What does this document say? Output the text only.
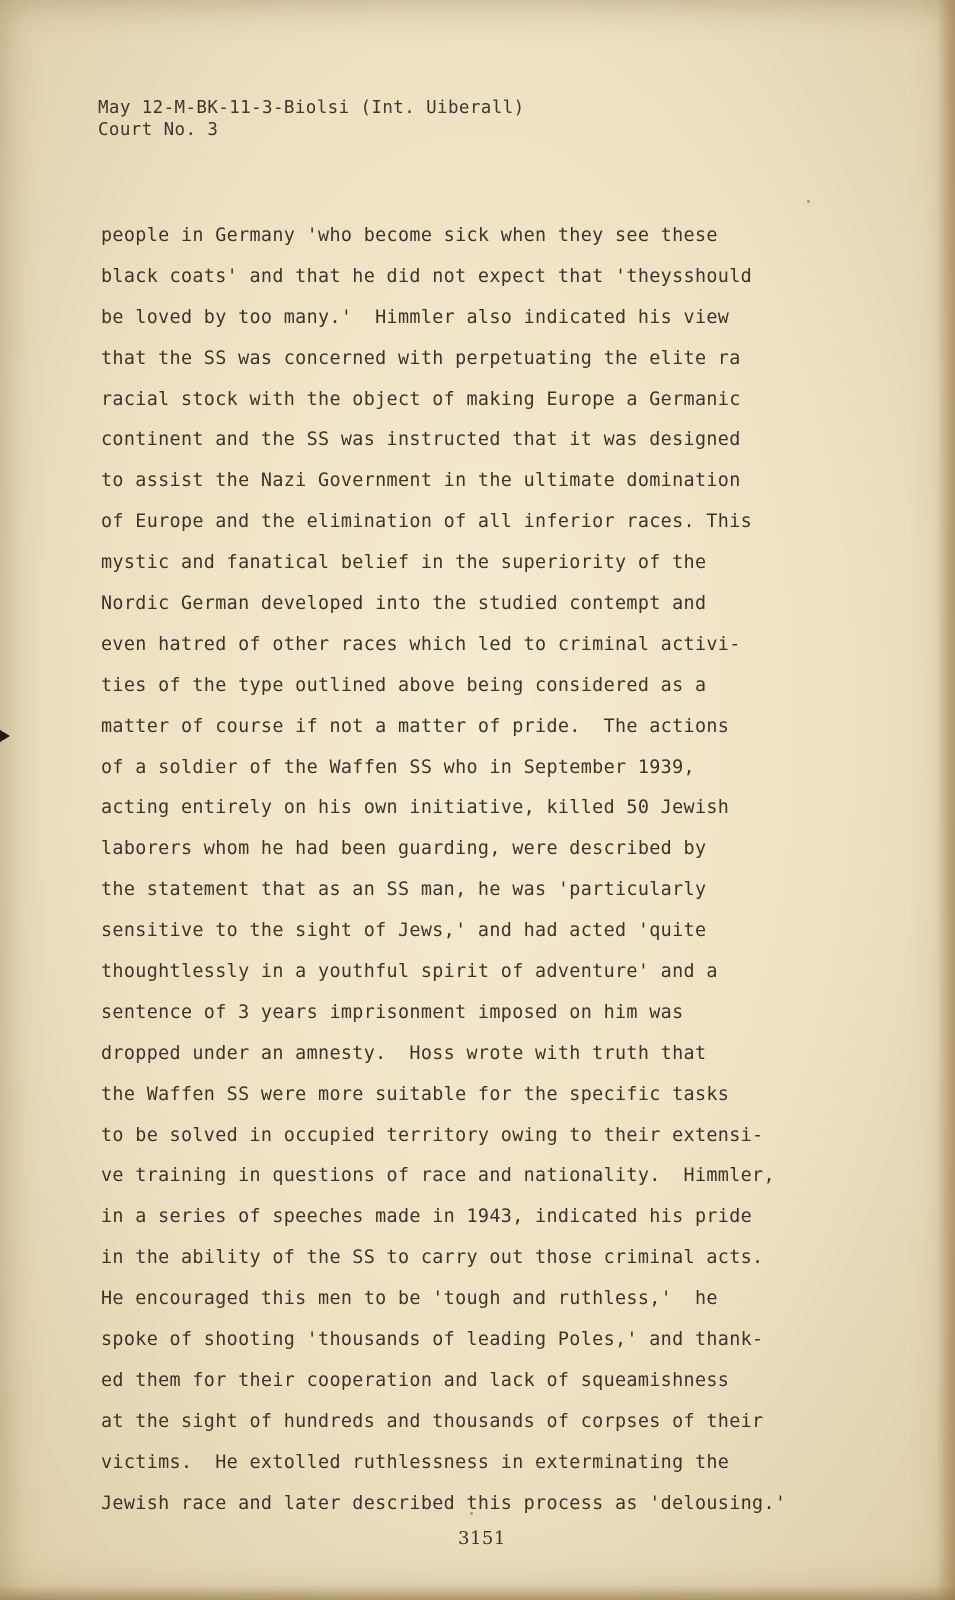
May 12-M-BK-11-3-Biolsi (Int. Uiberall)
Court No. 3
people in Germany 'who become sick when they see these
black coats' and that he did not expect that 'theysshould
be loved by too many.'  Himmler also indicated his view
that the SS was concerned with perpetuating the elite ra
racial stock with the object of making Europe a Germanic
continent and the SS was instructed that it was designed
to assist the Nazi Government in the ultimate domination
of Europe and the elimination of all inferior races. This
mystic and fanatical belief in the superiority of the
Nordic German developed into the studied contempt and
even hatred of other races which led to criminal activi-
ties of the type outlined above being considered as a
matter of course if not a matter of pride.  The actions
of a soldier of the Waffen SS who in September 1939,
acting entirely on his own initiative, killed 50 Jewish
laborers whom he had been guarding, were described by
the statement that as an SS man, he was 'particularly
sensitive to the sight of Jews,' and had acted 'quite
thoughtlessly in a youthful spirit of adventure' and a
sentence of 3 years imprisonment imposed on him was
dropped under an amnesty.  Hoss wrote with truth that
the Waffen SS were more suitable for the specific tasks
to be solved in occupied territory owing to their extensi-
ve training in questions of race and nationality.  Himmler,
in a series of speeches made in 1943, indicated his pride
in the ability of the SS to carry out those criminal acts.
He encouraged this men to be 'tough and ruthless,'  he
spoke of shooting 'thousands of leading Poles,' and thank-
ed them for their cooperation and lack of squeamishness
at the sight of hundreds and thousands of corpses of their
victims.  He extolled ruthlessness in exterminating the
Jewish race and later described this process as 'delousing.'
3151
